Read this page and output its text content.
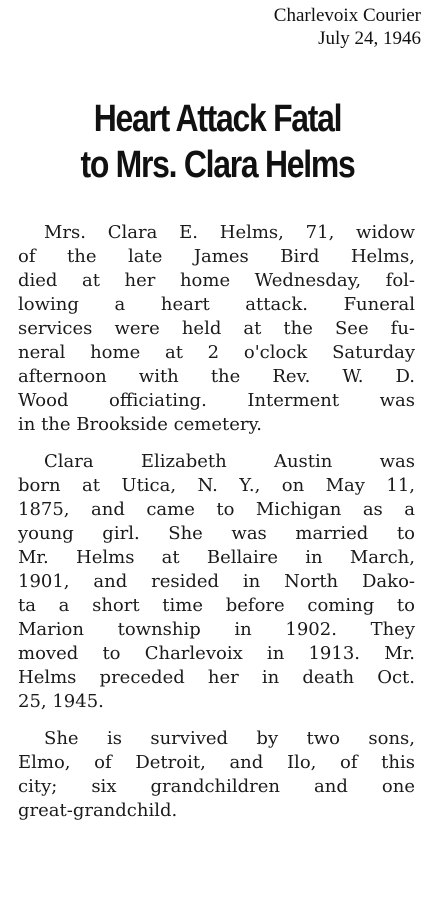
Charlevoix Courier
July 24, 1946
Heart Attack Fatal
to Mrs. Clara Helms

Mrs. Clara E. Helms, 71, widow
of the late James Bird Helms,
died at her home Wednesday, fol-
lowing a heart attack. Funeral
services were held at the See fu-
neral home at 2 o'clock Saturday
afternoon with the Rev. W. D.
Wood officiating. Interment was
in the Brookside cemetery.

Clara Elizabeth Austin was
born at Utica, N. Y., on May 11,
1875, and came to Michigan as a
young girl. She was married to
Mr. Helms at Bellaire in March,
1901, and resided in North Dako-
ta a short time before coming to
Marion township in 1902. They
moved to Charlevoix in 1913. Mr.
Helms preceded her in death Oct.
25, 1945.

She is survived by two sons,
Elmo, of Detroit, and Ilo, of this
city; six grandchildren and one
great-grandchild.
